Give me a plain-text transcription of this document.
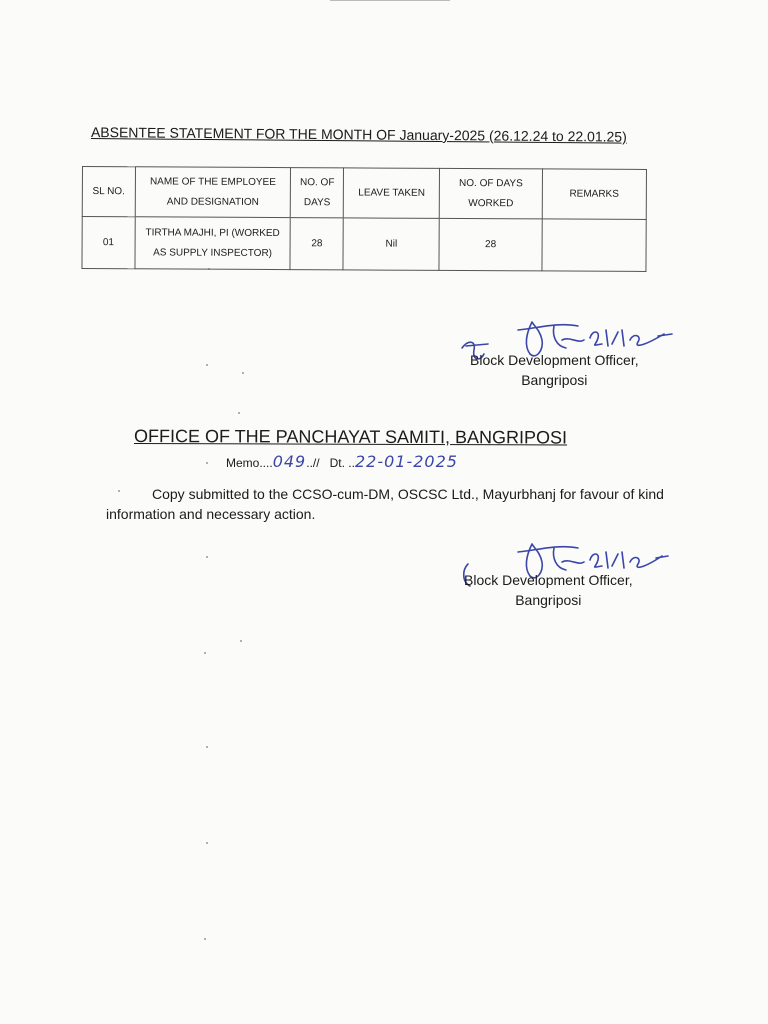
ABSENTEE STATEMENT FOR THE MONTH OF January-2025 (26.12.24 to 22.01.25)
SL NO.	NAME OF THE EMPLOYEE AND DESIGNATION	NO. OF DAYS	LEAVE TAKEN	NO. OF DAYS WORKED	REMARKS
01	TIRTHA MAJHI, PI (WORKED AS SUPPLY INSPECTOR)	28	Nil	28	
Block Development Officer,
Bangriposi
OFFICE OF THE PANCHAYAT SAMITI, BANGRIPOSI
Memo....049..// Dt. ..22-01-2025
Copy submitted to the CCSO-cum-DM, OSCSC Ltd., Mayurbhanj for favour of kind information and necessary action.
Block Development Officer,
Bangriposi
